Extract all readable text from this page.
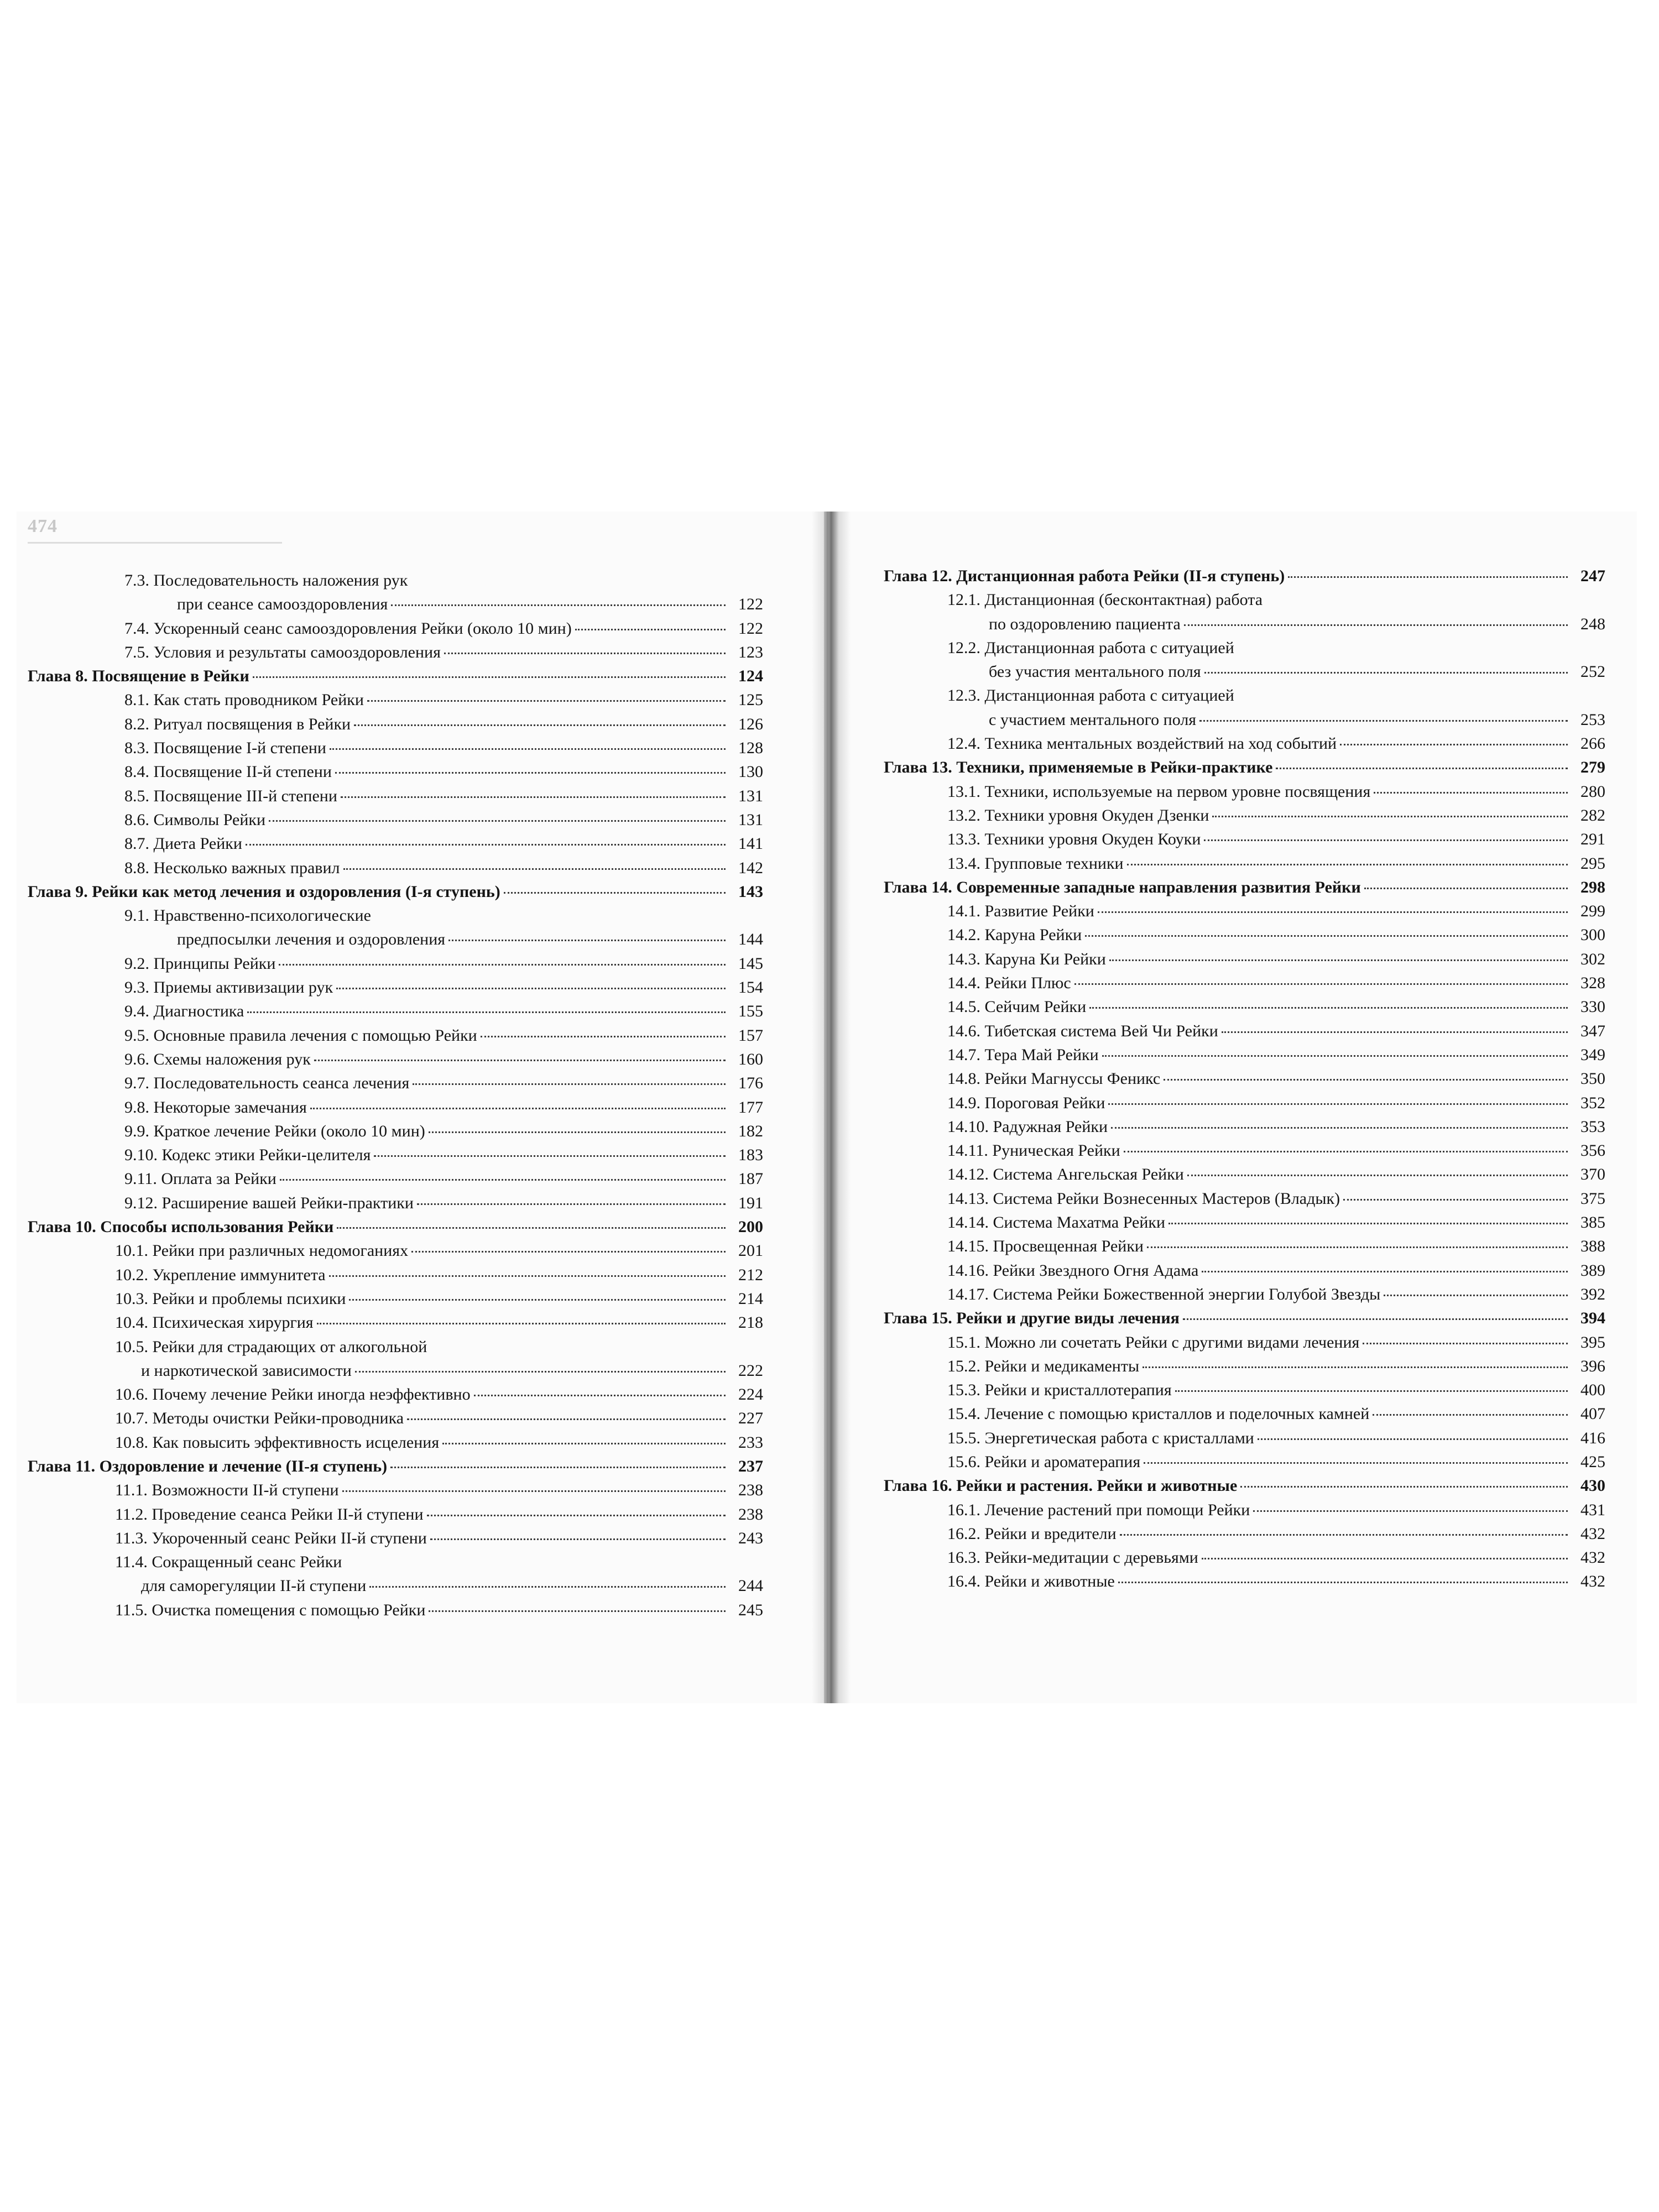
474
7.3. Последовательность наложения рук
при сеансе самооздоровления	122
7.4. Ускоренный сеанс самооздоровления Рейки (около 10 мин)	122
7.5. Условия и результаты самооздоровления	123
Глава 8. Посвящение в Рейки	124
8.1. Как стать проводником Рейки	125
8.2. Ритуал посвящения в Рейки	126
8.3. Посвящение I-й степени	128
8.4. Посвящение II-й степени	130
8.5. Посвящение III-й степени	131
8.6. Символы Рейки	131
8.7. Диета Рейки	141
8.8. Несколько важных правил	142
Глава 9. Рейки как метод лечения и оздоровления (I-я ступень)	143
9.1. Нравственно-психологические
предпосылки лечения и оздоровления	144
9.2. Принципы Рейки	145
9.3. Приемы активизации рук	154
9.4. Диагностика	155
9.5. Основные правила лечения с помощью Рейки	157
9.6. Схемы наложения рук	160
9.7. Последовательность сеанса лечения	176
9.8. Некоторые замечания	177
9.9. Краткое лечение Рейки (около 10 мин)	182
9.10. Кодекс этики Рейки-целителя	183
9.11. Оплата за Рейки	187
9.12. Расширение вашей Рейки-практики	191
Глава 10. Способы использования Рейки	200
10.1. Рейки при различных недомоганиях	201
10.2. Укрепление иммунитета	212
10.3. Рейки и проблемы психики	214
10.4. Психическая хирургия	218
10.5. Рейки для страдающих от алкогольной
и наркотической зависимости	222
10.6. Почему лечение Рейки иногда неэффективно	224
10.7. Методы очистки Рейки-проводника	227
10.8. Как повысить эффективность исцеления	233
Глава 11. Оздоровление и лечение (II-я ступень)	237
11.1. Возможности II-й ступени	238
11.2. Проведение сеанса Рейки II-й ступени	238
11.3. Укороченный сеанс Рейки II-й ступени	243
11.4. Сокращенный сеанс Рейки
для саморегуляции II-й ступени	244
11.5. Очистка помещения с помощью Рейки	245
Глава 12. Дистанционная работа Рейки (II-я ступень)	247
12.1. Дистанционная (бесконтактная) работа
по оздоровлению пациента	248
12.2. Дистанционная работа с ситуацией
без участия ментального поля	252
12.3. Дистанционная работа с ситуацией
с участием ментального поля	253
12.4. Техника ментальных воздействий на ход событий	266
Глава 13. Техники, применяемые в Рейки-практике	279
13.1. Техники, используемые на первом уровне посвящения	280
13.2. Техники уровня Окуден Дзенки	282
13.3. Техники уровня Окуден Коуки	291
13.4. Групповые техники	295
Глава 14. Современные западные направления развития Рейки	298
14.1. Развитие Рейки	299
14.2. Каруна Рейки	300
14.3. Каруна Ки Рейки	302
14.4. Рейки Плюс	328
14.5. Сейчим Рейки	330
14.6. Тибетская система Вей Чи Рейки	347
14.7. Тера Май Рейки	349
14.8. Рейки Магнуссы Феникс	350
14.9. Пороговая Рейки	352
14.10. Радужная Рейки	353
14.11. Руническая Рейки	356
14.12. Система Ангельская Рейки	370
14.13. Система Рейки Вознесенных Мастеров (Владык)	375
14.14. Система Махатма Рейки	385
14.15. Просвещенная Рейки	388
14.16. Рейки Звездного Огня Адама	389
14.17. Система Рейки Божественной энергии Голубой Звезды	392
Глава 15. Рейки и другие виды лечения	394
15.1. Можно ли сочетать Рейки с другими видами лечения	395
15.2. Рейки и медикаменты	396
15.3. Рейки и кристаллотерапия	400
15.4. Лечение с помощью кристаллов и поделочных камней	407
15.5. Энергетическая работа с кристаллами	416
15.6. Рейки и ароматерапия	425
Глава 16. Рейки и растения. Рейки и животные	430
16.1. Лечение растений при помощи Рейки	431
16.2. Рейки и вредители	432
16.3. Рейки-медитации с деревьями	432
16.4. Рейки и животные	432
